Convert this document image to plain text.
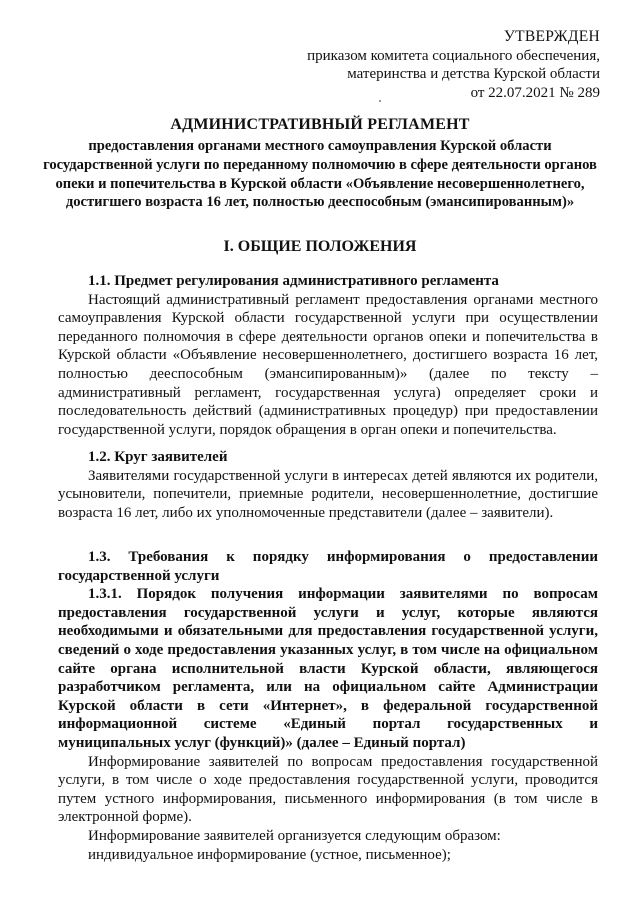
УТВЕРЖДЕН
приказом комитета социального обеспечения,
материнства и детства Курской области
от 22.07.2021 № 289
АДМИНИСТРАТИВНЫЙ РЕГЛАМЕНТ
предоставления органами местного самоуправления Курской области государственной услуги по переданному полномочию в сфере деятельности органов опеки и попечительства в Курской области «Объявление несовершеннолетнего, достигшего возраста 16 лет, полностью дееспособным (эмансипированным)»
I. ОБЩИЕ ПОЛОЖЕНИЯ

1.1. Предмет регулирования административного регламента

Настоящий административный регламент предоставления органами местного самоуправления Курской области государственной услуги при осуществлении переданного полномочия в сфере деятельности органов опеки и попечительства в Курской области «Объявление несовершеннолетнего, достигшего возраста 16 лет, полностью дееспособным (эмансипированным)» (далее по тексту – административный регламент, государственная услуга) определяет сроки и последовательность действий (административных процедур) при предоставлении государственной услуги, порядок обращения в орган опеки и попечительства.

1.2. Круг заявителей

Заявителями государственной услуги в интересах детей являются их родители, усыновители, попечители, приемные родители, несовершеннолетние, достигшие возраста 16 лет, либо их уполномоченные представители (далее – заявители).

1.3. Требования к порядку информирования о предоставлении государственной услуги

1.3.1. Порядок получения информации заявителями по вопросам предоставления государственной услуги и услуг, которые являются необходимыми и обязательными для предоставления государственной услуги, сведений о ходе предоставления указанных услуг, в том числе на официальном сайте органа исполнительной власти Курской области, являющегося разработчиком регламента, или на официальном сайте Администрации Курской области в сети «Интернет», в федеральной государственной информационной системе «Единый портал государственных и муниципальных услуг (функций)» (далее – Единый портал)

Информирование заявителей по вопросам предоставления государственной услуги, в том числе о ходе предоставления государственной услуги, проводится путем устного информирования, письменного информирования (в том числе в электронной форме).

Информирование заявителей организуется следующим образом:

индивидуальное информирование (устное, письменное);
